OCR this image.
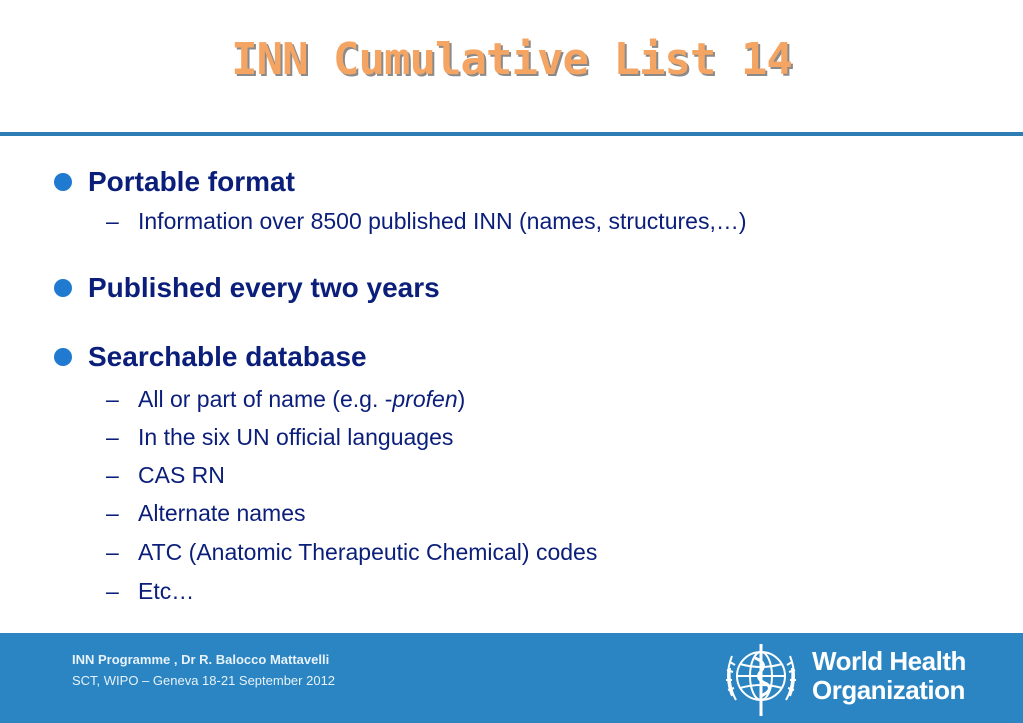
INN Cumulative List 14
Portable format
– Information over 8500 published INN (names, structures,…)
Published every two years
Searchable database
– All or part of name (e.g. -profen)
– In the six UN official languages
– CAS RN
– Alternate names
– ATC (Anatomic Therapeutic Chemical) codes
– Etc…
INN Programme , Dr R. Balocco Mattavelli
SCT, WIPO – Geneva 18-21 September 2012
World Health
Organization
